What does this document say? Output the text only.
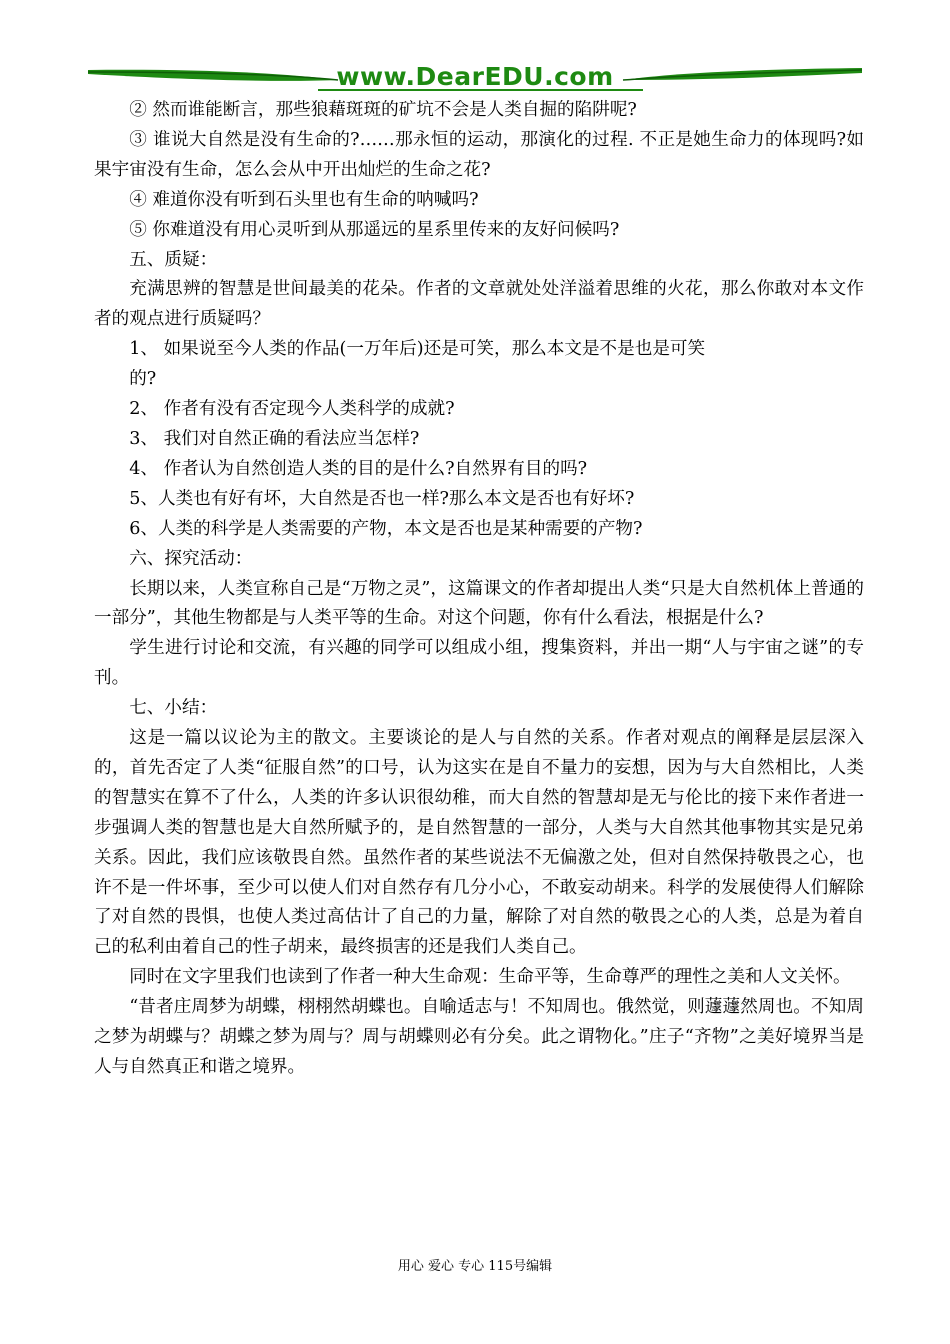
www.DearEDU.com

② 然而谁能断言，那些狼藉斑斑的矿坑不会是人类自掘的陷阱呢?

③ 谁说大自然是没有生命的?……那永恒的运动，那演化的过程. 不正是她生命力的体现吗?如果宇宙没有生命，怎么会从中开出灿烂的生命之花?

④ 难道你没有听到石头里也有生命的呐喊吗?

⑤ 你难道没有用心灵听到从那遥远的星系里传来的友好问候吗?

五、质疑：

充满思辨的智慧是世间最美的花朵。作者的文章就处处洋溢着思维的火花，那么你敢对本文作者的观点进行质疑吗？

1、 如果说至今人类的作品(一万年后)还是可笑，那么本文是不是也是可笑

的?

2、 作者有没有否定现今人类科学的成就?

3、 我们对自然正确的看法应当怎样?

4、 作者认为自然创造人类的目的是什么?自然界有目的吗?

5、人类也有好有坏，大自然是否也一样?那么本文是否也有好坏?

6、人类的科学是人类需要的产物，本文是否也是某种需要的产物?

六、探究活动：

长期以来，人类宣称自己是“万物之灵”，这篇课文的作者却提出人类“只是大自然机体上普通的一部分”，其他生物都是与人类平等的生命。对这个问题，你有什么看法，根据是什么?

学生进行讨论和交流，有兴趣的同学可以组成小组，搜集资料，并出一期“人与宇宙之谜”的专刊。

七、小结：

这是一篇以议论为主的散文。主要谈论的是人与自然的关系。作者对观点的阐释是层层深入的，首先否定了人类“征服自然”的口号，认为这实在是自不量力的妄想，因为与大自然相比，人类的智慧实在算不了什么，人类的许多认识很幼稚，而大自然的智慧却是无与伦比的接下来作者进一步强调人类的智慧也是大自然所赋予的，是自然智慧的一部分，人类与大自然其他事物其实是兄弟关系。因此，我们应该敬畏自然。虽然作者的某些说法不无偏激之处，但对自然保持敬畏之心，也许不是一件坏事，至少可以使人们对自然存有几分小心，不敢妄动胡来。科学的发展使得人们解除了对自然的畏惧，也使人类过高估计了自己的力量，解除了对自然的敬畏之心的人类，总是为着自己的私利由着自己的性子胡来，最终损害的还是我们人类自己。

同时在文字里我们也读到了作者一种大生命观：生命平等，生命尊严的理性之美和人文关怀。

“昔者庄周梦为胡蝶，栩栩然胡蝶也。自喻适志与！不知周也。俄然觉，则蘧蘧然周也。不知周之梦为胡蝶与？胡蝶之梦为周与？周与胡蝶则必有分矣。此之谓物化。”庄子“齐物”之美好境界当是人与自然真正和谐之境界。

用心 爱心 专心 115号编辑
